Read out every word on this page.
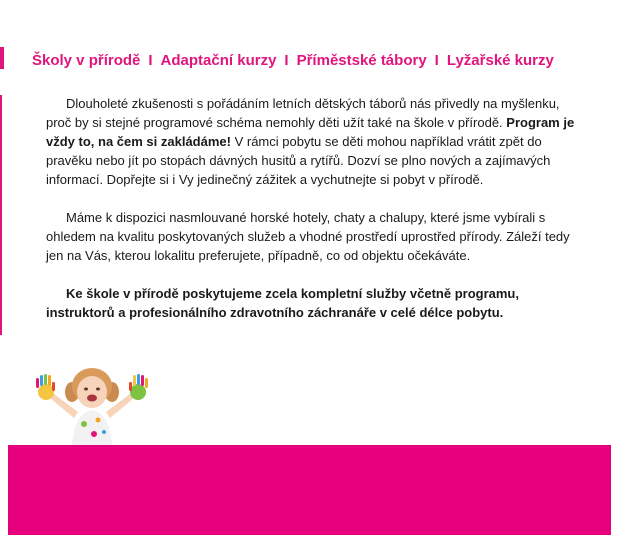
Školy v přírodě I Adaptační kurzy I Příměstské tábory I Lyžařské kurzy

Dlouholeté zkušenosti s pořádáním letních dětských táborů nás přivedly na myšlenku, proč by si stejné programové schéma nemohly děti užít také na škole v přírodě. Program je vždy to, na čem si zakládáme! V rámci pobytu se děti mohou například vrátit zpět do pravěku nebo jít po stopách dávných husitů a rytířů. Dozví se plno nových a zajímavých informací. Dopřejte si i Vy jedinečný zážitek a vychutnejte si pobyt v přírodě.

Máme k dispozici nasmlouvané horské hotely, chaty a chalupy, které jsme vybírali s ohledem na kvalitu poskytovaných služeb a vhodné prostředí uprostřed přírody. Záleží tedy jen na Vás, kterou lokalitu preferujete, případně, co od objektu očekáváte.

Ke škole v přírodě poskytujeme zcela kompletní služby včetně programu, instruktorů a profesionálního zdravotního záchranáře v celé délce pobytu.
